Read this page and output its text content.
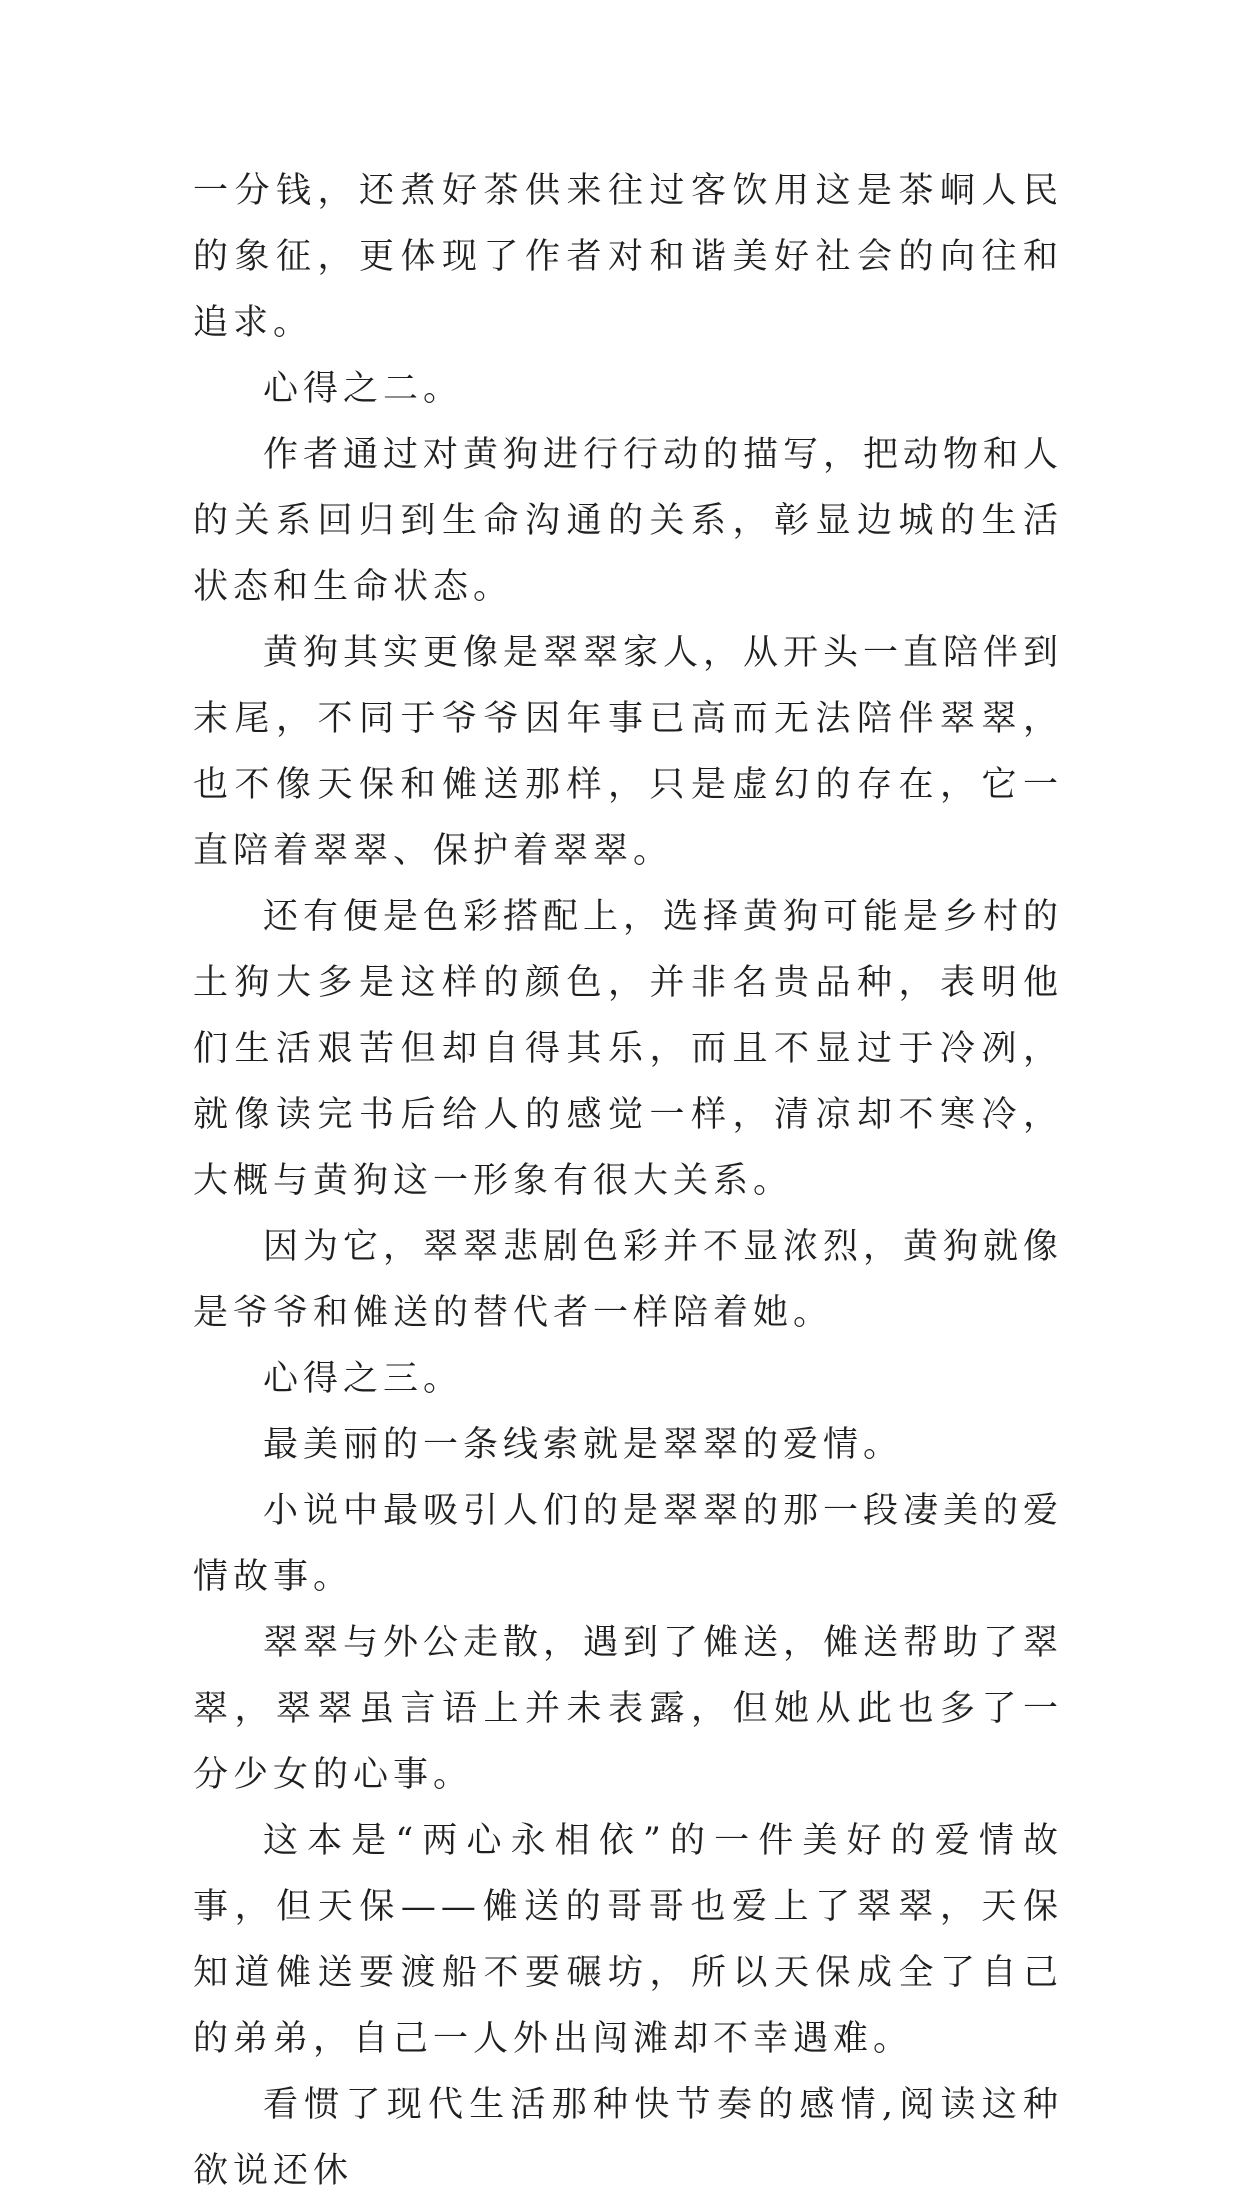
一分钱，还煮好茶供来往过客饮用这是茶峒人民的象征，更体现了作者对和谐美好社会的向往和追求。

心得之二。

作者通过对黄狗进行行动的描写，把动物和人的关系回归到生命沟通的关系，彰显边城的生活状态和生命状态。

黄狗其实更像是翠翠家人，从开头一直陪伴到末尾，不同于爷爷因年事已高而无法陪伴翠翠，也不像天保和傩送那样，只是虚幻的存在，它一直陪着翠翠、保护着翠翠。

还有便是色彩搭配上，选择黄狗可能是乡村的土狗大多是这样的颜色，并非名贵品种，表明他们生活艰苦但却自得其乐，而且不显过于冷冽，就像读完书后给人的感觉一样，清凉却不寒冷，大概与黄狗这一形象有很大关系。

因为它，翠翠悲剧色彩并不显浓烈，黄狗就像是爷爷和傩送的替代者一样陪着她。

心得之三。

最美丽的一条线索就是翠翠的爱情。

小说中最吸引人们的是翠翠的那一段凄美的爱情故事。

翠翠与外公走散，遇到了傩送，傩送帮助了翠翠，翠翠虽言语上并未表露，但她从此也多了一分少女的心事。

这本是“两心永相依”的一件美好的爱情故事，但天保——傩送的哥哥也爱上了翠翠，天保知道傩送要渡船不要碾坊，所以天保成全了自己的弟弟，自己一人外出闯滩却不幸遇难。

看惯了现代生活那种快节奏的感情,阅读这种欲说还休
